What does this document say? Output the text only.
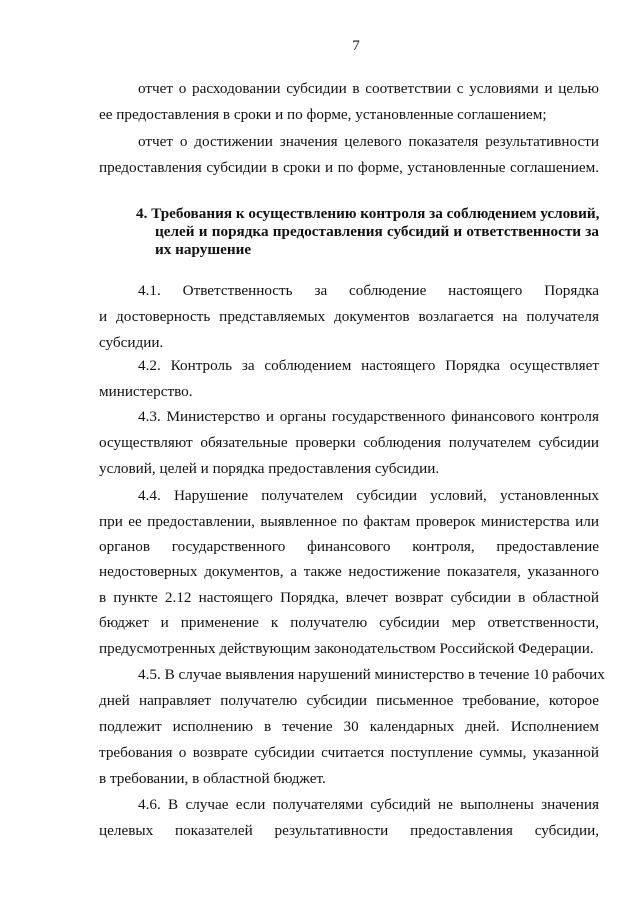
7
отчет о расходовании субсидии в соответствии с условиями и целью
ее предоставления в сроки и по форме, установленные соглашением;
отчет о достижении значения целевого показателя результативности
предоставления субсидии в сроки и по форме, установленные соглашением.
4. Требования к осуществлению контроля за соблюдением условий,
целей и порядка предоставления субсидий и ответственности за
их нарушение
4.1. Ответственность за соблюдение настоящего Порядка
и достоверность представляемых документов возлагается на получателя
субсидии.
4.2. Контроль за соблюдением настоящего Порядка осуществляет
министерство.
4.3. Министерство и органы государственного финансового контроля
осуществляют обязательные проверки соблюдения получателем субсидии
условий, целей и порядка предоставления субсидии.
4.4. Нарушение получателем субсидии условий, установленных
при ее предоставлении, выявленное по фактам проверок министерства или
органов государственного финансового контроля, предоставление
недостоверных документов, а также недостижение показателя, указанного
в пункте 2.12 настоящего Порядка, влечет возврат субсидии в областной
бюджет и применение к получателю субсидии мер ответственности,
предусмотренных действующим законодательством Российской Федерации.
4.5. В случае выявления нарушений министерство в течение 10 рабочих
дней направляет получателю субсидии письменное требование, которое
подлежит исполнению в течение 30 календарных дней. Исполнением
требования о возврате субсидии считается поступление суммы, указанной
в требовании, в областной бюджет.
4.6. В случае если получателями субсидий не выполнены значения
целевых показателей результативности предоставления субсидии,
